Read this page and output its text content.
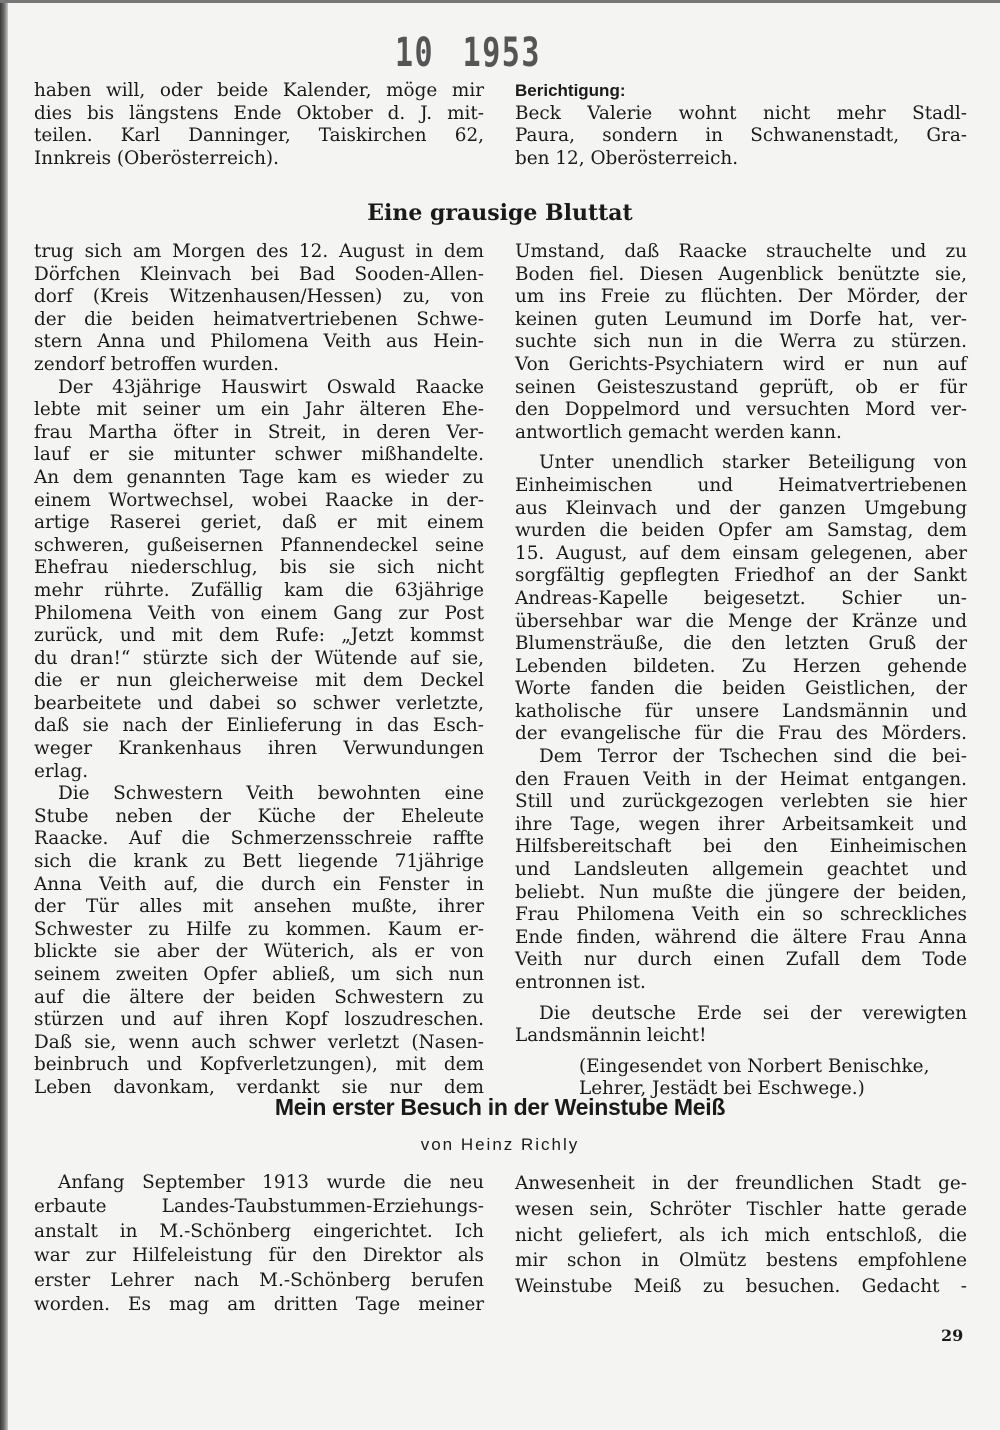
10 1953

haben will, oder beide Kalender, möge mir

dies bis längstens Ende Oktober d. J. mit-

teilen. Karl Danninger, Taiskirchen 62,

Innkreis (Oberösterreich).

Berichtigung:

Beck Valerie wohnt nicht mehr Stadl-

Paura, sondern in Schwanenstadt, Gra-

ben 12, Oberösterreich.

Eine grausige Bluttat

trug sich am Morgen des 12. August in dem

Dörfchen Kleinvach bei Bad Sooden-Allen-

dorf (Kreis Witzenhausen/Hessen) zu, von

der die beiden heimatvertriebenen Schwe-

stern Anna und Philomena Veith aus Hein-

zendorf betroffen wurden.

Der 43jährige Hauswirt Oswald Raacke

lebte mit seiner um ein Jahr älteren Ehe-

frau Martha öfter in Streit, in deren Ver-

lauf er sie mitunter schwer mißhandelte.

An dem genannten Tage kam es wieder zu

einem Wortwechsel, wobei Raacke in der-

artige Raserei geriet, daß er mit einem

schweren, gußeisernen Pfannendeckel seine

Ehefrau niederschlug, bis sie sich nicht

mehr rührte. Zufällig kam die 63jährige

Philomena Veith von einem Gang zur Post

zurück, und mit dem Rufe: „Jetzt kommst

du dran!“ stürzte sich der Wütende auf sie,

die er nun gleicherweise mit dem Deckel

bearbeitete und dabei so schwer verletzte,

daß sie nach der Einlieferung in das Esch-

weger Krankenhaus ihren Verwundungen

erlag.

Die Schwestern Veith bewohnten eine

Stube neben der Küche der Eheleute

Raacke. Auf die Schmerzensschreie raffte

sich die krank zu Bett liegende 71jährige

Anna Veith auf, die durch ein Fenster in

der Tür alles mit ansehen mußte, ihrer

Schwester zu Hilfe zu kommen. Kaum er-

blickte sie aber der Wüterich, als er von

seinem zweiten Opfer abließ, um sich nun

auf die ältere der beiden Schwestern zu

stürzen und auf ihren Kopf loszudreschen.

Daß sie, wenn auch schwer verletzt (Nasen-

beinbruch und Kopfverletzungen), mit dem

Leben davonkam, verdankt sie nur dem

Umstand, daß Raacke strauchelte und zu

Boden fiel. Diesen Augenblick benützte sie,

um ins Freie zu flüchten. Der Mörder, der

keinen guten Leumund im Dorfe hat, ver-

suchte sich nun in die Werra zu stürzen.

Von Gerichts-Psychiatern wird er nun auf

seinen Geisteszustand geprüft, ob er für

den Doppelmord und versuchten Mord ver-

antwortlich gemacht werden kann.

Unter unendlich starker Beteiligung von

Einheimischen und Heimatvertriebenen

aus Kleinvach und der ganzen Umgebung

wurden die beiden Opfer am Samstag, dem

15. August, auf dem einsam gelegenen, aber

sorgfältig gepflegten Friedhof an der Sankt

Andreas-Kapelle beigesetzt. Schier un-

übersehbar war die Menge der Kränze und

Blumensträuße, die den letzten Gruß der

Lebenden bildeten. Zu Herzen gehende

Worte fanden die beiden Geistlichen, der

katholische für unsere Landsmännin und

der evangelische für die Frau des Mörders.

Dem Terror der Tschechen sind die bei-

den Frauen Veith in der Heimat entgangen.

Still und zurückgezogen verlebten sie hier

ihre Tage, wegen ihrer Arbeitsamkeit und

Hilfsbereitschaft bei den Einheimischen

und Landsleuten allgemein geachtet und

beliebt. Nun mußte die jüngere der beiden,

Frau Philomena Veith ein so schreckliches

Ende finden, während die ältere Frau Anna

Veith nur durch einen Zufall dem Tode

entronnen ist.

Die deutsche Erde sei der verewigten

Landsmännin leicht!

(Eingesendet von Norbert Benischke,

Lehrer, Jestädt bei Eschwege.)

Mein erster Besuch in der Weinstube Meiß
von Heinz Richly

Anfang September 1913 wurde die neu

erbaute Landes-Taubstummen-Erziehungs-

anstalt in M.-Schönberg eingerichtet. Ich

war zur Hilfeleistung für den Direktor als

erster Lehrer nach M.-Schönberg berufen

worden. Es mag am dritten Tage meiner

Anwesenheit in der freundlichen Stadt ge-

wesen sein, Schröter Tischler hatte gerade

nicht geliefert, als ich mich entschloß, die

mir schon in Olmütz bestens empfohlene

Weinstube Meiß zu besuchen. Gedacht -

29
